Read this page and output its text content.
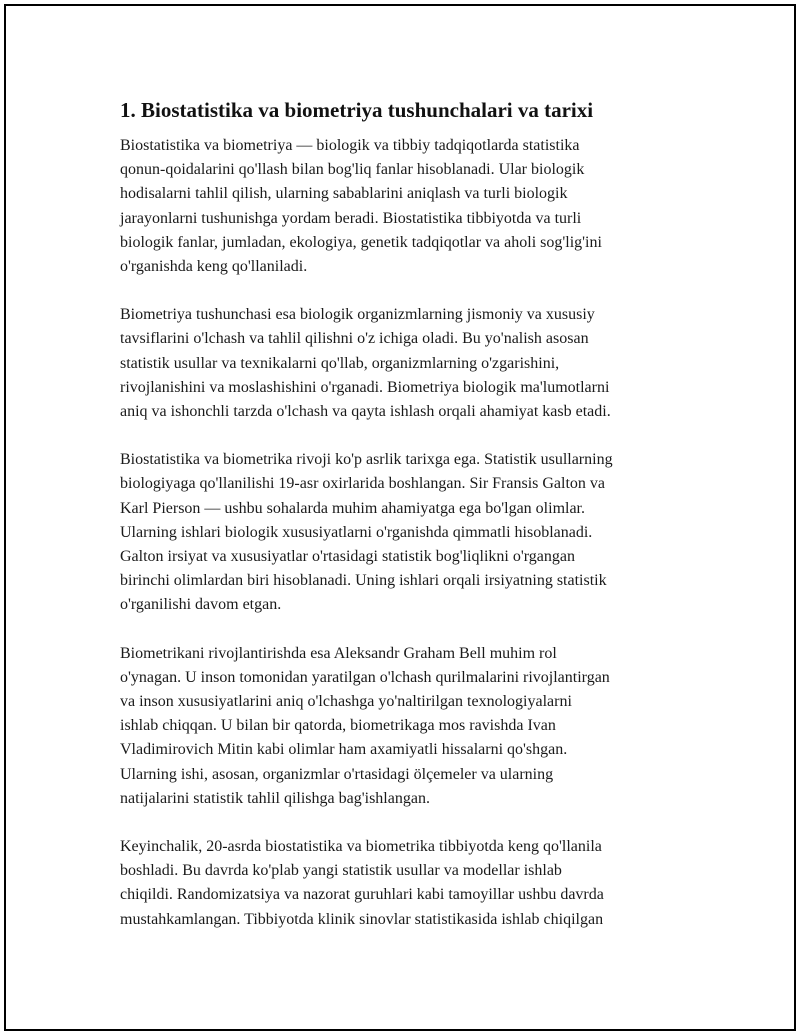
1. Biostatistika va biometriya tushunchalari va tarixi

Biostatistika va biometriya — biologik va tibbiy tadqiqotlarda statistika
qonun-qoidalarini qo'llash bilan bog'liq fanlar hisoblanadi. Ular biologik
hodisalarni tahlil qilish, ularning sabablarini aniqlash va turli biologik
jarayonlarni tushunishga yordam beradi. Biostatistika tibbiyotda va turli
biologik fanlar, jumladan, ekologiya, genetik tadqiqotlar va aholi sog'lig'ini
o'rganishda keng qo'llaniladi.

Biometriya tushunchasi esa biologik organizmlarning jismoniy va xususiy
tavsiflarini o'lchash va tahlil qilishni o'z ichiga oladi. Bu yo'nalish asosan
statistik usullar va texnikalarni qo'llab, organizmlarning o'zgarishini,
rivojlanishini va moslashishini o'rganadi. Biometriya biologik ma'lumotlarni
aniq va ishonchli tarzda o'lchash va qayta ishlash orqali ahamiyat kasb etadi.

Biostatistika va biometrika rivoji ko'p asrlik tarixga ega. Statistik usullarning
biologiyaga qo'llanilishi 19-asr oxirlarida boshlangan. Sir Fransis Galton va
Karl Pierson — ushbu sohalarda muhim ahamiyatga ega bo'lgan olimlar.
Ularning ishlari biologik xususiyatlarni o'rganishda qimmatli hisoblanadi.
Galton irsiyat va xususiyatlar o'rtasidagi statistik bog'liqlikni o'rgangan
birinchi olimlardan biri hisoblanadi. Uning ishlari orqali irsiyatning statistik
o'rganilishi davom etgan.

Biometrikani rivojlantirishda esa Aleksandr Graham Bell muhim rol
o'ynagan. U inson tomonidan yaratilgan o'lchash qurilmalarini rivojlantirgan
va inson xususiyatlarini aniq o'lchashga yo'naltirilgan texnologiyalarni
ishlab chiqqan. U bilan bir qatorda, biometrikaga mos ravishda Ivan
Vladimirovich Mitin kabi olimlar ham axamiyatli hissalarni qo'shgan.
Ularning ishi, asosan, organizmlar o'rtasidagi ölçemeler va ularning
natijalarini statistik tahlil qilishga bag'ishlangan.

Keyinchalik, 20-asrda biostatistika va biometrika tibbiyotda keng qo'llanila
boshladi. Bu davrda ko'plab yangi statistik usullar va modellar ishlab
chiqildi. Randomizatsiya va nazorat guruhlari kabi tamoyillar ushbu davrda
mustahkamlangan. Tibbiyotda klinik sinovlar statistikasida ishlab chiqilgan
